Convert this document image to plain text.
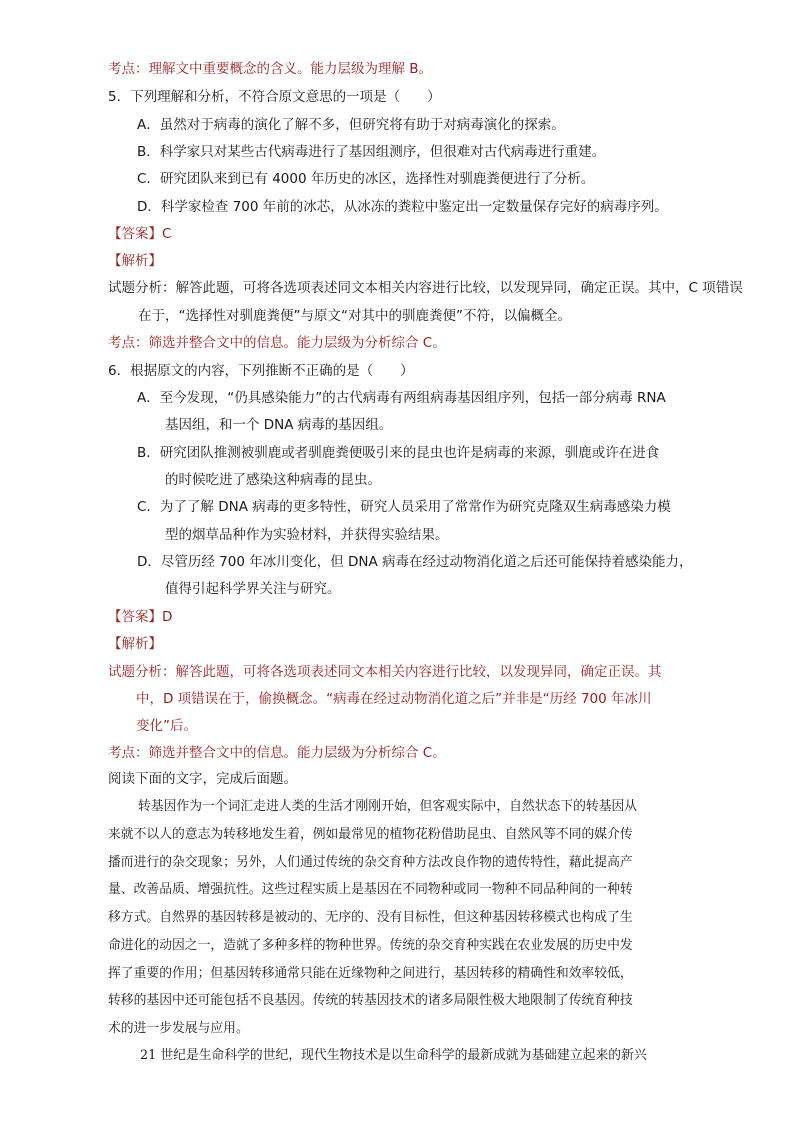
考点：理解文中重要概念的含义。能力层级为理解 B。
5．下列理解和分析，不符合原文意思的一项是（　　）
A．虽然对于病毒的演化了解不多，但研究将有助于对病毒演化的探索。
B．科学家只对某些古代病毒进行了基因组测序，但很难对古代病毒进行重建。
C．研究团队来到已有 4000 年历史的冰区，选择性对驯鹿粪便进行了分析。
D．科学家检查 700 年前的冰芯，从冰冻的粪粒中鉴定出一定数量保存完好的病毒序列。
【答案】C
【解析】
试题分析：解答此题，可将各选项表述同文本相关内容进行比较，以发现异同，确定正误。其中，C 项错误
在于，“选择性对驯鹿粪便”与原文“对其中的驯鹿粪便”不符，以偏概全。
考点：筛选并整合文中的信息。能力层级为分析综合 C。
6．根据原文的内容，下列推断不正确的是（　　）
A．至今发现，“仍具感染能力”的古代病毒有两组病毒基因组序列，包括一部分病毒 RNA
基因组，和一个 DNA 病毒的基因组。
B．研究团队推测被驯鹿或者驯鹿粪便吸引来的昆虫也许是病毒的来源，驯鹿或许在进食
的时候吃进了感染这种病毒的昆虫。
C．为了了解 DNA 病毒的更多特性，研究人员采用了常常作为研究克隆双生病毒感染力模
型的烟草品种作为实验材料，并获得实验结果。
D．尽管历经 700 年冰川变化，但 DNA 病毒在经过动物消化道之后还可能保持着感染能力，
值得引起科学界关注与研究。
【答案】D
【解析】
试题分析：解答此题，可将各选项表述同文本相关内容进行比较，以发现异同，确定正误。其
中，D 项错误在于，偷换概念。“病毒在经过动物消化道之后”并非是“历经 700 年冰川
变化”后。
考点：筛选并整合文中的信息。能力层级为分析综合 C。
阅读下面的文字，完成后面题。
转基因作为一个词汇走进人类的生活才刚刚开始，但客观实际中，自然状态下的转基因从
来就不以人的意志为转移地发生着，例如最常见的植物花粉借助昆虫、自然风等不同的媒介传
播而进行的杂交现象；另外，人们通过传统的杂交育种方法改良作物的遗传特性，藉此提高产
量、改善品质、增强抗性。这些过程实质上是基因在不同物种或同一物种不同品种间的一种转
移方式。自然界的基因转移是被动的、无序的、没有目标性，但这种基因转移模式也构成了生
命进化的动因之一，造就了多种多样的物种世界。传统的杂交育种实践在农业发展的历史中发
挥了重要的作用；但基因转移通常只能在近缘物种之间进行，基因转移的精确性和效率较低，
转移的基因中还可能包括不良基因。传统的转基因技术的诸多局限性极大地限制了传统育种技
术的进一步发展与应用。
21 世纪是生命科学的世纪，现代生物技术是以生命科学的最新成就为基础建立起来的新兴
